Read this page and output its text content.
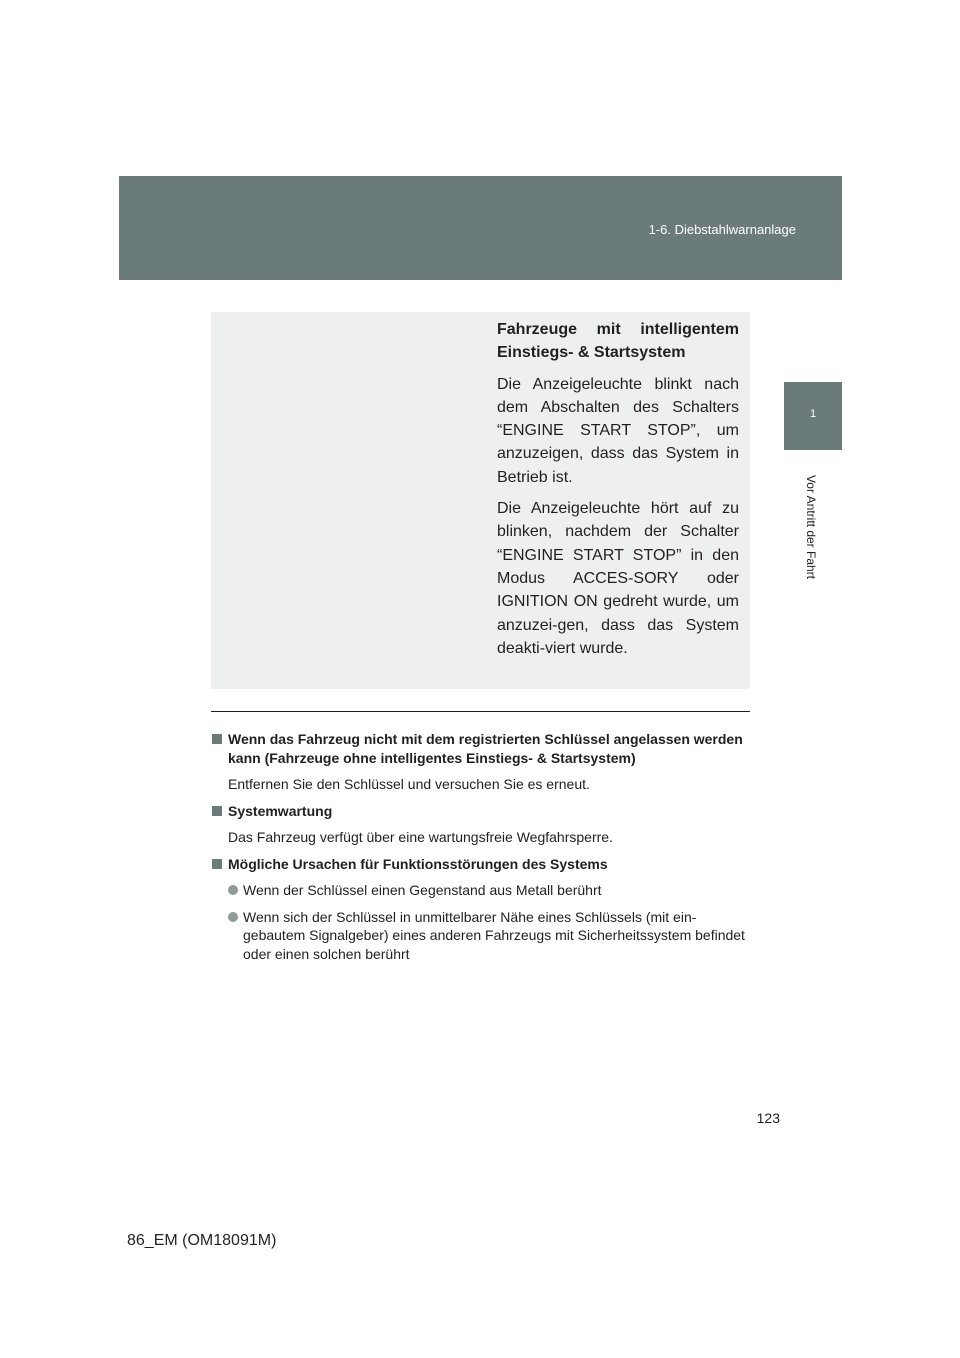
1-6. Diebstahlwarnanlage
1
Vor Antritt der Fahrt

Fahrzeuge mit intelligentem Einstiegs- & Startsystem

Die Anzeigeleuchte blinkt nach dem Abschalten des Schalters “ENGINE START STOP”, um anzuzeigen, dass das System in Betrieb ist.

Die Anzeigeleuchte hört auf zu blinken, nachdem der Schalter “ENGINE START STOP” in den Modus ACCES-SORY oder IGNITION ON gedreht wurde, um anzuzei-gen, dass das System deakti-viert wurde.

Wenn das Fahrzeug nicht mit dem registrierten Schlüssel angelassen werden kann (Fahrzeuge ohne intelligentes Einstiegs- & Startsystem)

Entfernen Sie den Schlüssel und versuchen Sie es erneut.

Systemwartung

Das Fahrzeug verfügt über eine wartungsfreie Wegfahrsperre.

Mögliche Ursachen für Funktionsstörungen des Systems

Wenn der Schlüssel einen Gegenstand aus Metall berührt
Wenn sich der Schlüssel in unmittelbarer Nähe eines Schlüssels (mit ein-gebautem Signalgeber) eines anderen Fahrzeugs mit Sicherheitssystem befindet oder einen solchen berührt
123
86_EM (OM18091M)
